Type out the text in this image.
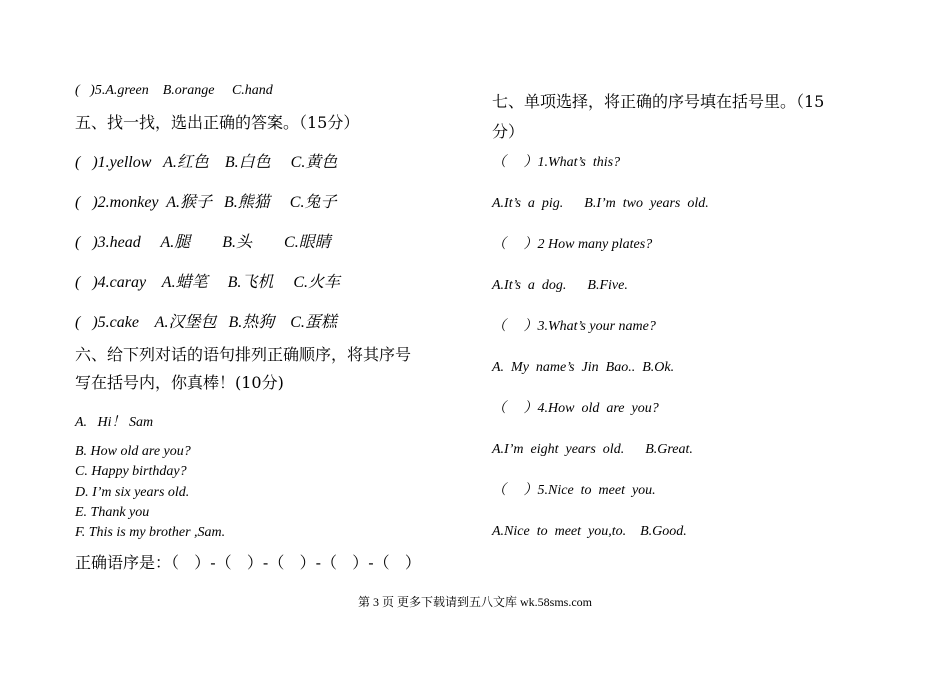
(   )5.A.green    B.orange     C.hand
五、找一找，选出正确的答案。（15分）
(   )1.yellow   A.红色    B.白色     C.黄色
(   )2.monkey  A.猴子   B.熊猫     C.兔子
(   )3.head     A.腿        B.头        C.眼睛
(   )4.caray    A.蜡笔     B.飞机     C.火车
(   )5.cake    A.汉堡包   B.热狗    C.蛋糕
六、给下列对话的语句排列正确顺序，将其序号
写在括号内，你真棒！(10分)
A.   Hi！ Sam
B. How old are you?
C. Happy birthday?
D. I’m six years old.
E. Thank you
F. This is my brother ,Sam.
正确语序是：（   ）-（   ）-（   ）-（   ）-（   ）
七、单项选择，将正确的序号填在括号里。（15
分）
（     ）1.What’s  this?
A.It’s  a  pig.      B.I’m  two  years  old.
（     ）2 How many plates?
A.It’s  a  dog.      B.Five.
（     ）3.What’s your name?
A.  My  name’s  Jin  Bao..  B.Ok.
（     ）4.How  old  are  you?
A.I’m  eight  years  old.      B.Great.
（     ）5.Nice  to  meet  you.
A.Nice  to  meet  you,to.    B.Good.
第 3 页 更多下载请到五八文库 wk.58sms.com
